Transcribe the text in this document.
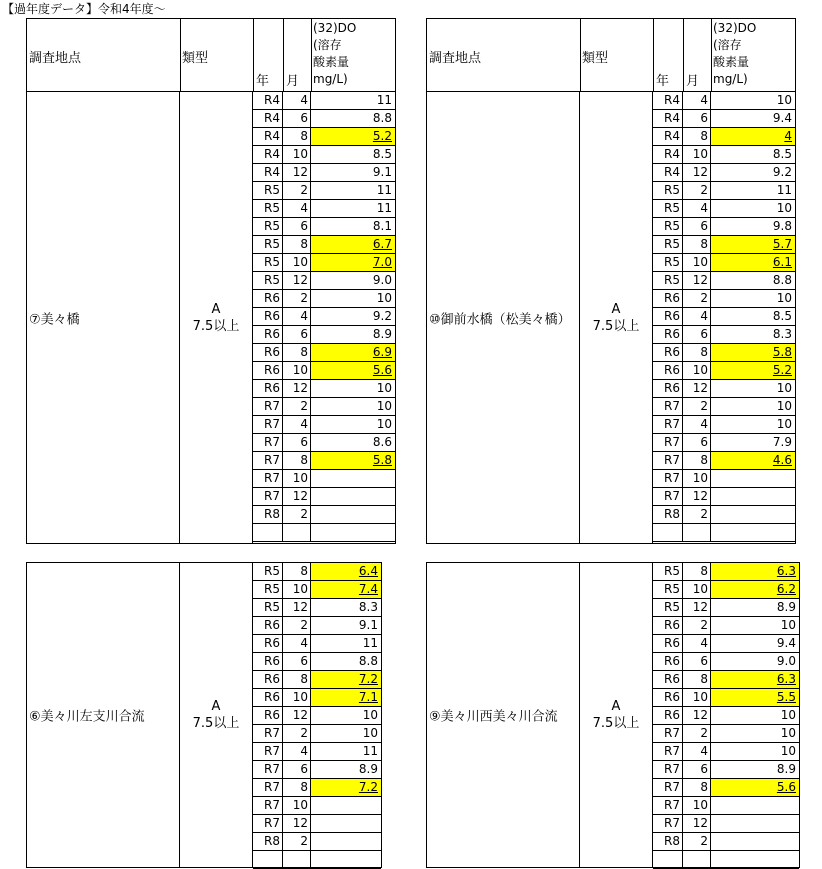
【過年度データ】令和4年度～
調査地点	類型
年 月
(32)DO
(溶存
酸素量
mg/L)
⑦美々橋
A
7.5以上
R4	4	11
R4	6	8.8
R4	8	5.2
R4	10	8.5
R4	12	9.1
R5	2	11
R5	4	11
R5	6	8.1
R5	8	6.7
R5	10	7.0
R5	12	9.0
R6	2	10
R6	4	9.2
R6	6	8.9
R6	8	6.9
R6	10	5.6
R6	12	10
R7	2	10
R7	4	10
R7	6	8.6
R7	8	5.8
R7	10
R7	12
R8	2
調査地点	類型
年 月
(32)DO
(溶存
酸素量
mg/L)
⑩御前水橋（松美々橋）
A
7.5以上
R4	4	10
R4	6	9.4
R4	8	4
R4	10	8.5
R4	12	9.2
R5	2	11
R5	4	10
R5	6	9.8
R5	8	5.7
R5	10	6.1
R5	12	8.8
R6	2	10
R6	4	8.5
R6	6	8.3
R6	8	5.8
R6	10	5.2
R6	12	10
R7	2	10
R7	4	10
R7	6	7.9
R7	8	4.6
R7	10
R7	12
R8	2
⑥美々川左支川合流
A
7.5以上
R5	8	6.4
R5	10	7.4
R5	12	8.3
R6	2	9.1
R6	4	11
R6	6	8.8
R6	8	7.2
R6	10	7.1
R6	12	10
R7	2	10
R7	4	11
R7	6	8.9
R7	8	7.2
R7	10
R7	12
R8	2
⑨美々川西美々川合流
A
7.5以上
R5	8	6.3
R5	10	6.2
R5	12	8.9
R6	2	10
R6	4	9.4
R6	6	9.0
R6	8	6.3
R6	10	5.5
R6	12	10
R7	2	10
R7	4	10
R7	6	8.9
R7	8	5.6
R7	10
R7	12
R8	2
